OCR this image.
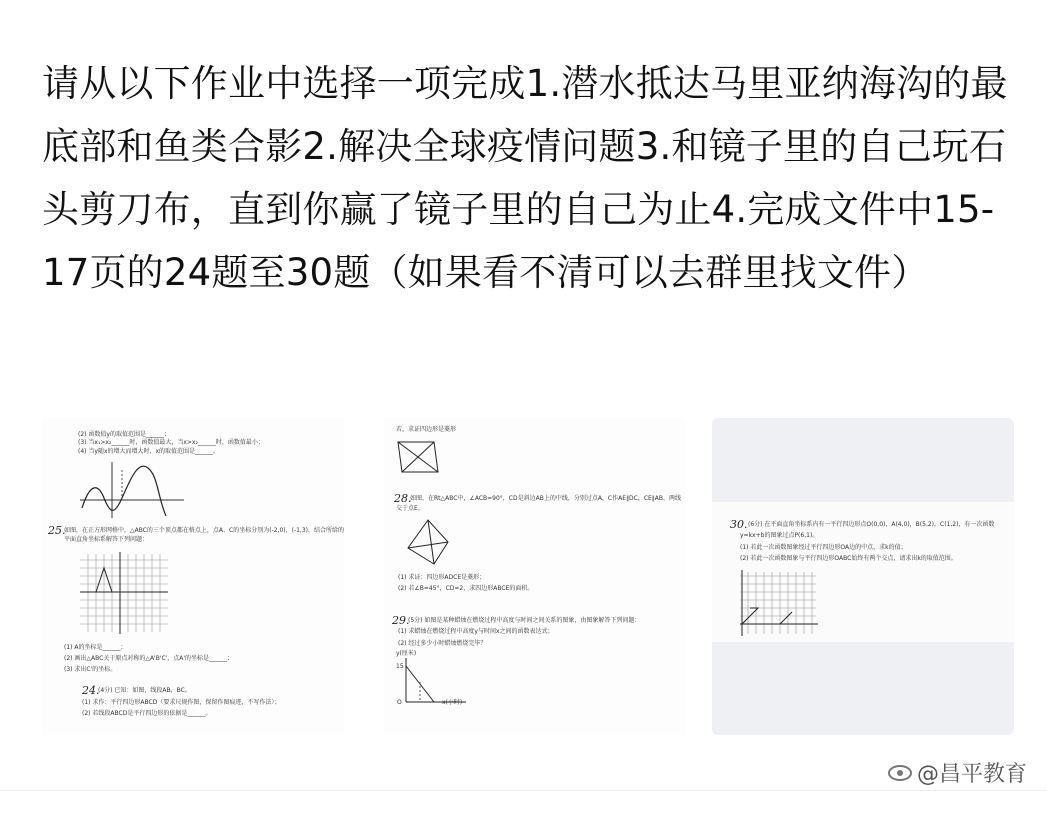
请从以下作业中选择一项完成1.潜水抵达马里亚纳海沟的最底部和鱼类合影2.解决全球疫情问题3.和镜子里的自己玩石头剪刀布，直到你赢了镜子里的自己为止4.完成文件中15-17页的24题至30题（如果看不清可以去群里找文件）

(2) 函数值y的取值范围是______；
(3) 当x₁>x₂______时，函数值最大，当x>x₂______时，函数值最小；
(4) 当y随x的增大而增大时，x的取值范围是______。
25.
如图，在正方形网格中，△ABC的三个顶点都在格点上，点A、C的坐标分别为(-2,0)，(-1,3)，结合所给的
平面直角坐标系解答下列问题：
(1) A的坐标是______；
(2) 画出△ABC关于原点对称的△A'B'C'，点A'的坐标是______；
(3) 求出C'的坐标。
24.
(4分) 已知：如图，线段AB，BC。
(1) 求作：平行四边形ABCD（要求尺规作图，保留作图痕迹，不写作法）；
(2) 若线段ABCD是平行四边形的依据是______。
若，求证四边形是菱形
28.
如图，在Rt△ABC中，∠ACB=90°，CD是斜边AB上的中线，分别过点A，C作AE∥DC，CE∥AB，两线
交于点E。
(1) 求证：四边形ADCE是菱形；
(2) 若∠B=45°，CD=2，求四边形ABCE的面积。
29.
(5分) 如图是某种蜡烛在燃烧过程中高度与时间之间关系的图象，由图象解答下列问题：
(1) 求蜡烛在燃烧过程中高度y与时间x之间的函数表达式；
(2) 经过多少小时蜡烛燃烧完毕？
y(厘米)
15
O	x(小时)
30. (6分) 在平面直角坐标系内有一平行四边形点O(0,0)，A(4,0)，B(5,2)，C(1,2)，有一次函数
y=kx+b的图象过点P(6,1)。
(1) 若此一次函数图象经过平行四边形OA边的中点，求k的值；
(2) 若此一次函数图象与平行四边形OABC始终有两个交点，请求出k的取值范围。
@昌平教育
